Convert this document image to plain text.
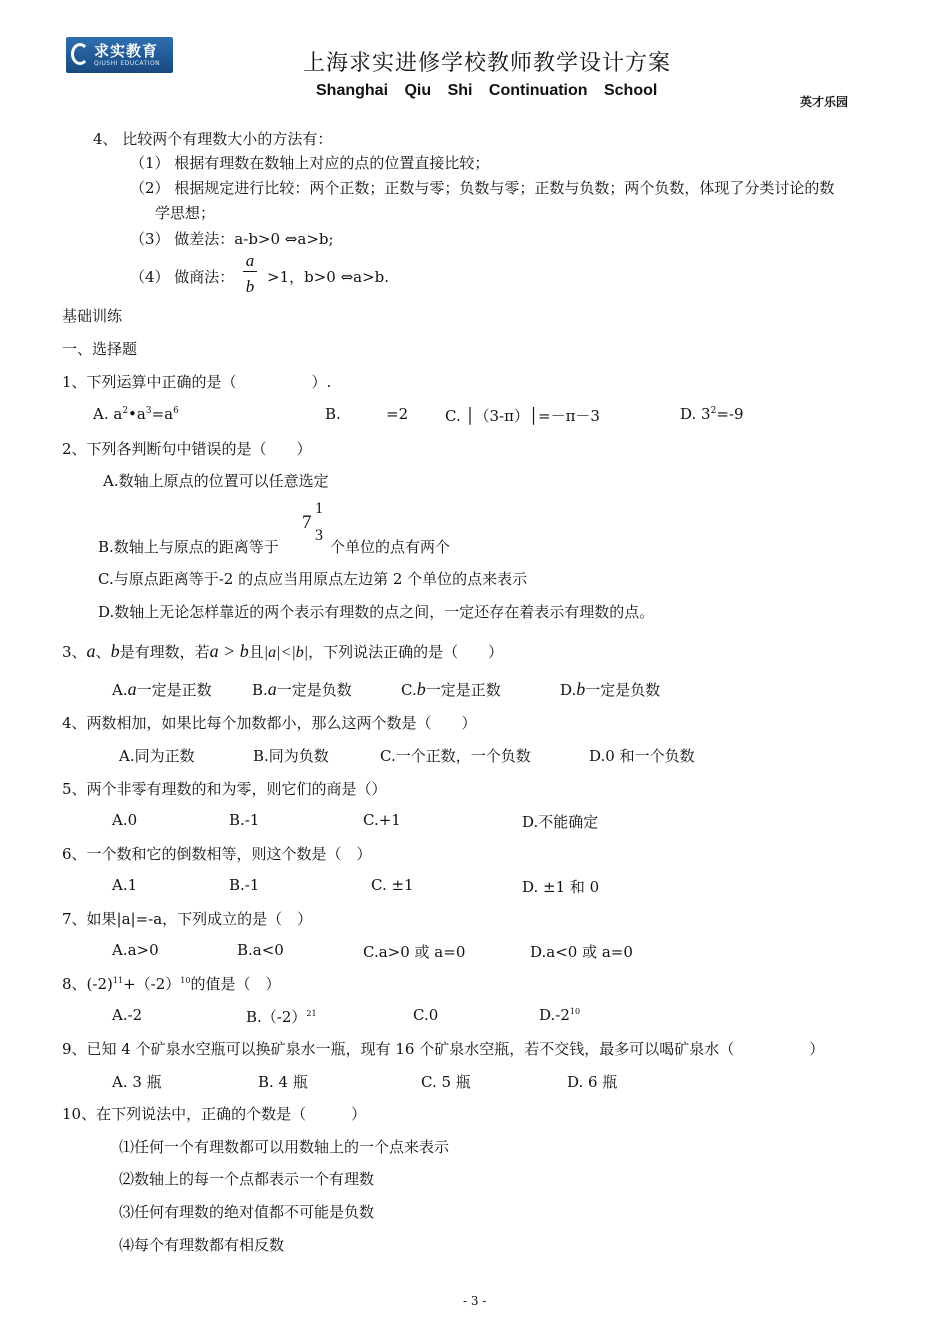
求实教育
QIUSHI EDUCATION	上海求实进修学校教师教学设计方案
Shanghai Qiu Shi Continuation School
英才乐园
4、 比较两个有理数大小的方法有：
（1） 根据有理数在数轴上对应的点的位置直接比较；
（2） 根据规定进行比较：两个正数；正数与零；负数与零；正数与负数；两个负数，体现了分类讨论的数
学思想；
（3） 做差法：a-b>0 ⇔a>b;
（4） 做商法：
a
b >1，b>0 ⇔a>b.
基础训练
一、选择题
1、下列运算中正确的是（　　　　　）.
A. $a^2•a^3=a^6$	B.	=2 C. │（3-π）│=－π－3	D. $3^2=-9$
2、下列各判断句中错误的是（　　）
A.数轴上原点的位置可以任意选定
B.数轴上与原点的距离等于
7
1
3
个单位的点有两个
C.与原点距离等于-2 的点应当用原点左边第 2 个单位的点来表示
D.数轴上无论怎样靠近的两个表示有理数的点之间，一定还存在着表示有理数的点。
3、a、b是有理数，若a > b且|a|<|b|，下列说法正确的是（　　）
A.a一定是正数	B.a一定是负数	C.b一定是正数	D.b一定是负数
4、两数相加，如果比每个加数都小，那么这两个数是（　　）
A.同为正数	B.同为负数	C.一个正数，一个负数	D.0 和一个负数
5、两个非零有理数的和为零，则它们的商是（）
A.0	B.-1	C.+1	D.不能确定
6、一个数和它的倒数相等，则这个数是（　）
A.1	B.-1	C. ±1	D. ±1 和 0
7、如果|a|=-a，下列成立的是（　）
A.a>0	B.a<0	C.a>0 或 a=0	D.a<0 或 a=0
8、$(-2)^{11}+(-2)^{10}$的值是（　）
A.-2	$B.(-2)^{21}$	C.0	$D.-2^{10}$
9、已知 4 个矿泉水空瓶可以换矿泉水一瓶，现有 16 个矿泉水空瓶，若不交钱，最多可以喝矿泉水（　　　　　）
A. 3 瓶	B. 4 瓶	C. 5 瓶	D. 6 瓶
10、在下列说法中，正确的个数是（　　　）
⑴任何一个有理数都可以用数轴上的一个点来表示
⑵数轴上的每一个点都表示一个有理数
⑶任何有理数的绝对值都不可能是负数
⑷每个有理数都有相反数
- 3 -
